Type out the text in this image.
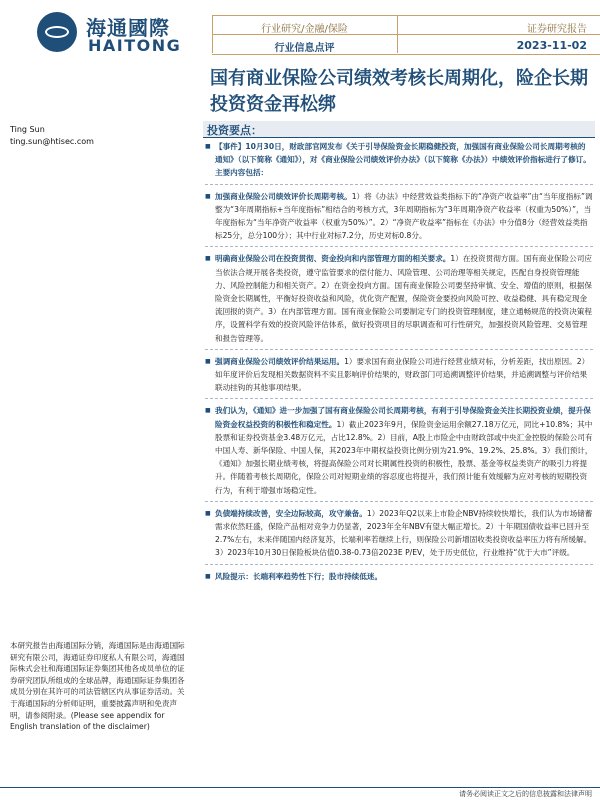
海通國際
HAITONG
行业研究/金融/保险
行业信息点评
证券研究报告
2023-11-02
国有商业保险公司绩效考核长周期化，险企长期投资资金再松绑
Ting Sun
ting.sun@htisec.com
投资要点：
■ 【事件】10月30日，财政部官网发布《关于引导保险资金长期稳健投资，加强国有商业保险公司长周期考核的通知》（以下简称《通知》），对《商业保险公司绩效评价办法》（以下简称《办法》）中绩效评价指标进行了修订。主要内容包括：
■ 加强商业保险公司绩效评价长周期考核。1）将《办法》中经营效益类指标下的“净资产收益率”由“当年度指标”调整为“3年周期指标+当年度指标”相结合的考核方式，3年周期指标为“3年周期净资产收益率（权重为50%）”，当年度指标为“当年净资产收益率（权重为50%）”。2）“净资产收益率”指标在《办法》中分值8分（经营效益类指标25分，总分100分）；其中行业对标7.2分，历史对标0.8分。
■ 明确商业保险公司在投资贯彻、资金投向和内部管理方面的相关要求。1）在投资贯彻方面。国有商业保险公司应当依法合规开展各类投资，遵守监管要求的偿付能力、风险管理、公司治理等相关规定，匹配自身投资管理能力、风险控制能力和相关资产。2）在资金投向方面。国有商业保险公司要坚持审慎、安全、增值的原则，根据保险资金长期属性，平衡好投资收益和风险，优化资产配置，保险资金要投向风险可控、收益稳健、具有稳定现金流回报的资产。3）在内部管理方面。国有商业保险公司要制定专门的投资管理制度，建立通畅规范的投资决策程序，设置科学有效的投资风险评估体系，做好投资项目的尽职调查和可行性研究，加强投资风险管理、交易管理和报告管理等。
■ 强调商业保险公司绩效评价结果运用。1）要求国有商业保险公司进行经营业绩对标，分析差距，找出原因。2）如年度评价后发现相关数据资料不实且影响评价结果的，财政部门可追溯调整评价结果，并追溯调整与评价结果联动挂钩的其他事项结果。
■ 我们认为，《通知》进一步加强了国有商业保险公司长周期考核，有利于引导保险资金关注长期投资业绩，提升保险资金权益投资的积极性和稳定性。1）截止2023年9月，保险资金运用余额27.18万亿元，同比+10.8%；其中股票和证券投资基金3.48万亿元，占比12.8%。2）目前，A股上市险企中由财政部或中央汇金控股的保险公司有中国人寿、新华保险、中国人保，其2023年中期权益投资比例分别为21.9%、19.2%、25.8%。3）我们预计，《通知》加强长期业绩考核，将提高保险公司对长期属性投资的积极性，股票、基金等权益类资产的吸引力将提升。伴随着考核长周期化，保险公司对短期业绩的容忍度也将提升，我们预计能有效缓解为应对考核的短期投资行为，有利于增强市场稳定性。
■ 负债端持续改善，安全边际较高，攻守兼备。1）2023年Q2以来上市险企NBV持续较快增长，我们认为市场储蓄需求依然旺盛，保险产品相对竞争力仍显著，2023年全年NBV有望大幅正增长。2）十年期国债收益率已回升至2.7%左右，未来伴随国内经济复苏，长端利率若继续上行，则保险公司新增固收类投资收益率压力将有所缓解。3）2023年10月30日保险板块估值0.38-0.73倍2023E P/EV，处于历史低位，行业维持“优于大市”评级。
■ 风险提示：长端利率趋势性下行；股市持续低迷。
本研究报告由海通国际分销，海通国际是由海通国际研究有限公司，海通证券印度私人有限公司，海通国际株式会社和海通国际证券集团其他各成员单位的证券研究团队所组成的全球品牌，海通国际证券集团各成员分别在其许可的司法管辖区内从事证券活动。关于海通国际的分析师证明，重要披露声明和免责声明，请参阅附录。(Please see appendix for English translation of the disclaimer)
请务必阅读正文之后的信息披露和法律声明
